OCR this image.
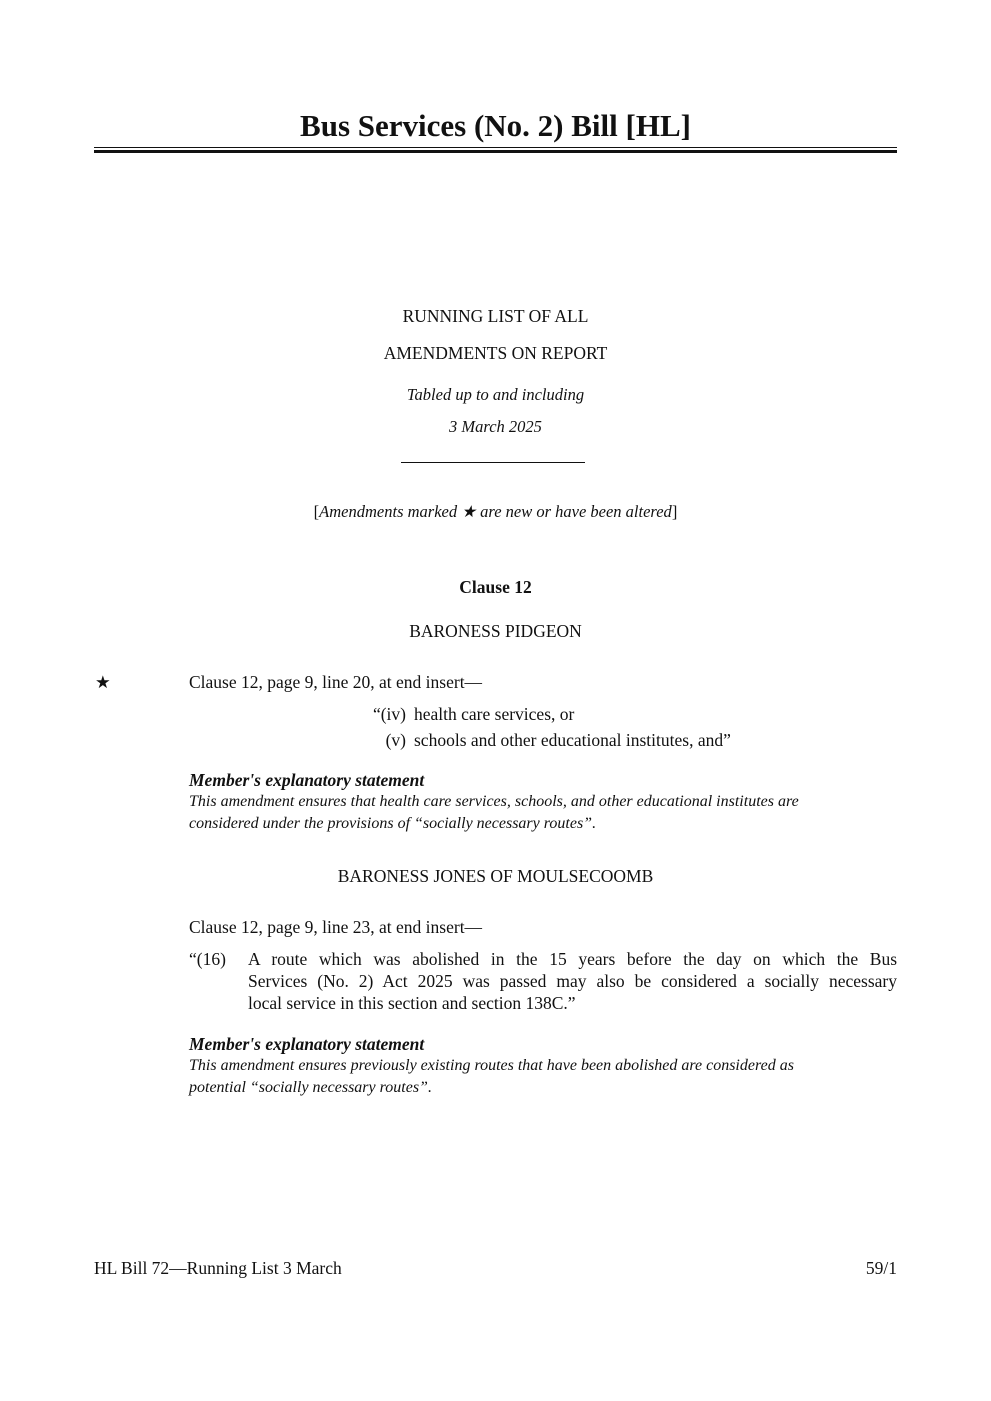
Bus Services (No. 2) Bill [HL]
RUNNING LIST OF ALL
AMENDMENTS ON REPORT
Tabled up to and including
3 March 2025
[Amendments marked ★ are new or have been altered]
Clause 12
BARONESS PIDGEON
★	Clause 12, page 9, line 20, at end insert—
“(iv) health care services, or
(v) schools and other educational institutes, and”
Member's explanatory statement
This amendment ensures that health care services, schools, and other educational institutes are
considered under the provisions of “socially necessary routes”.
BARONESS JONES OF MOULSECOOMB
Clause 12, page 9, line 23, at end insert—
“(16) A route which was abolished in the 15 years before the day on which the Bus
Services (No. 2) Act 2025 was passed may also be considered a socially necessary
local service in this section and section 138C.”
Member's explanatory statement
This amendment ensures previously existing routes that have been abolished are considered as
potential “socially necessary routes”.
HL Bill 72—Running List 3 March	59/1
